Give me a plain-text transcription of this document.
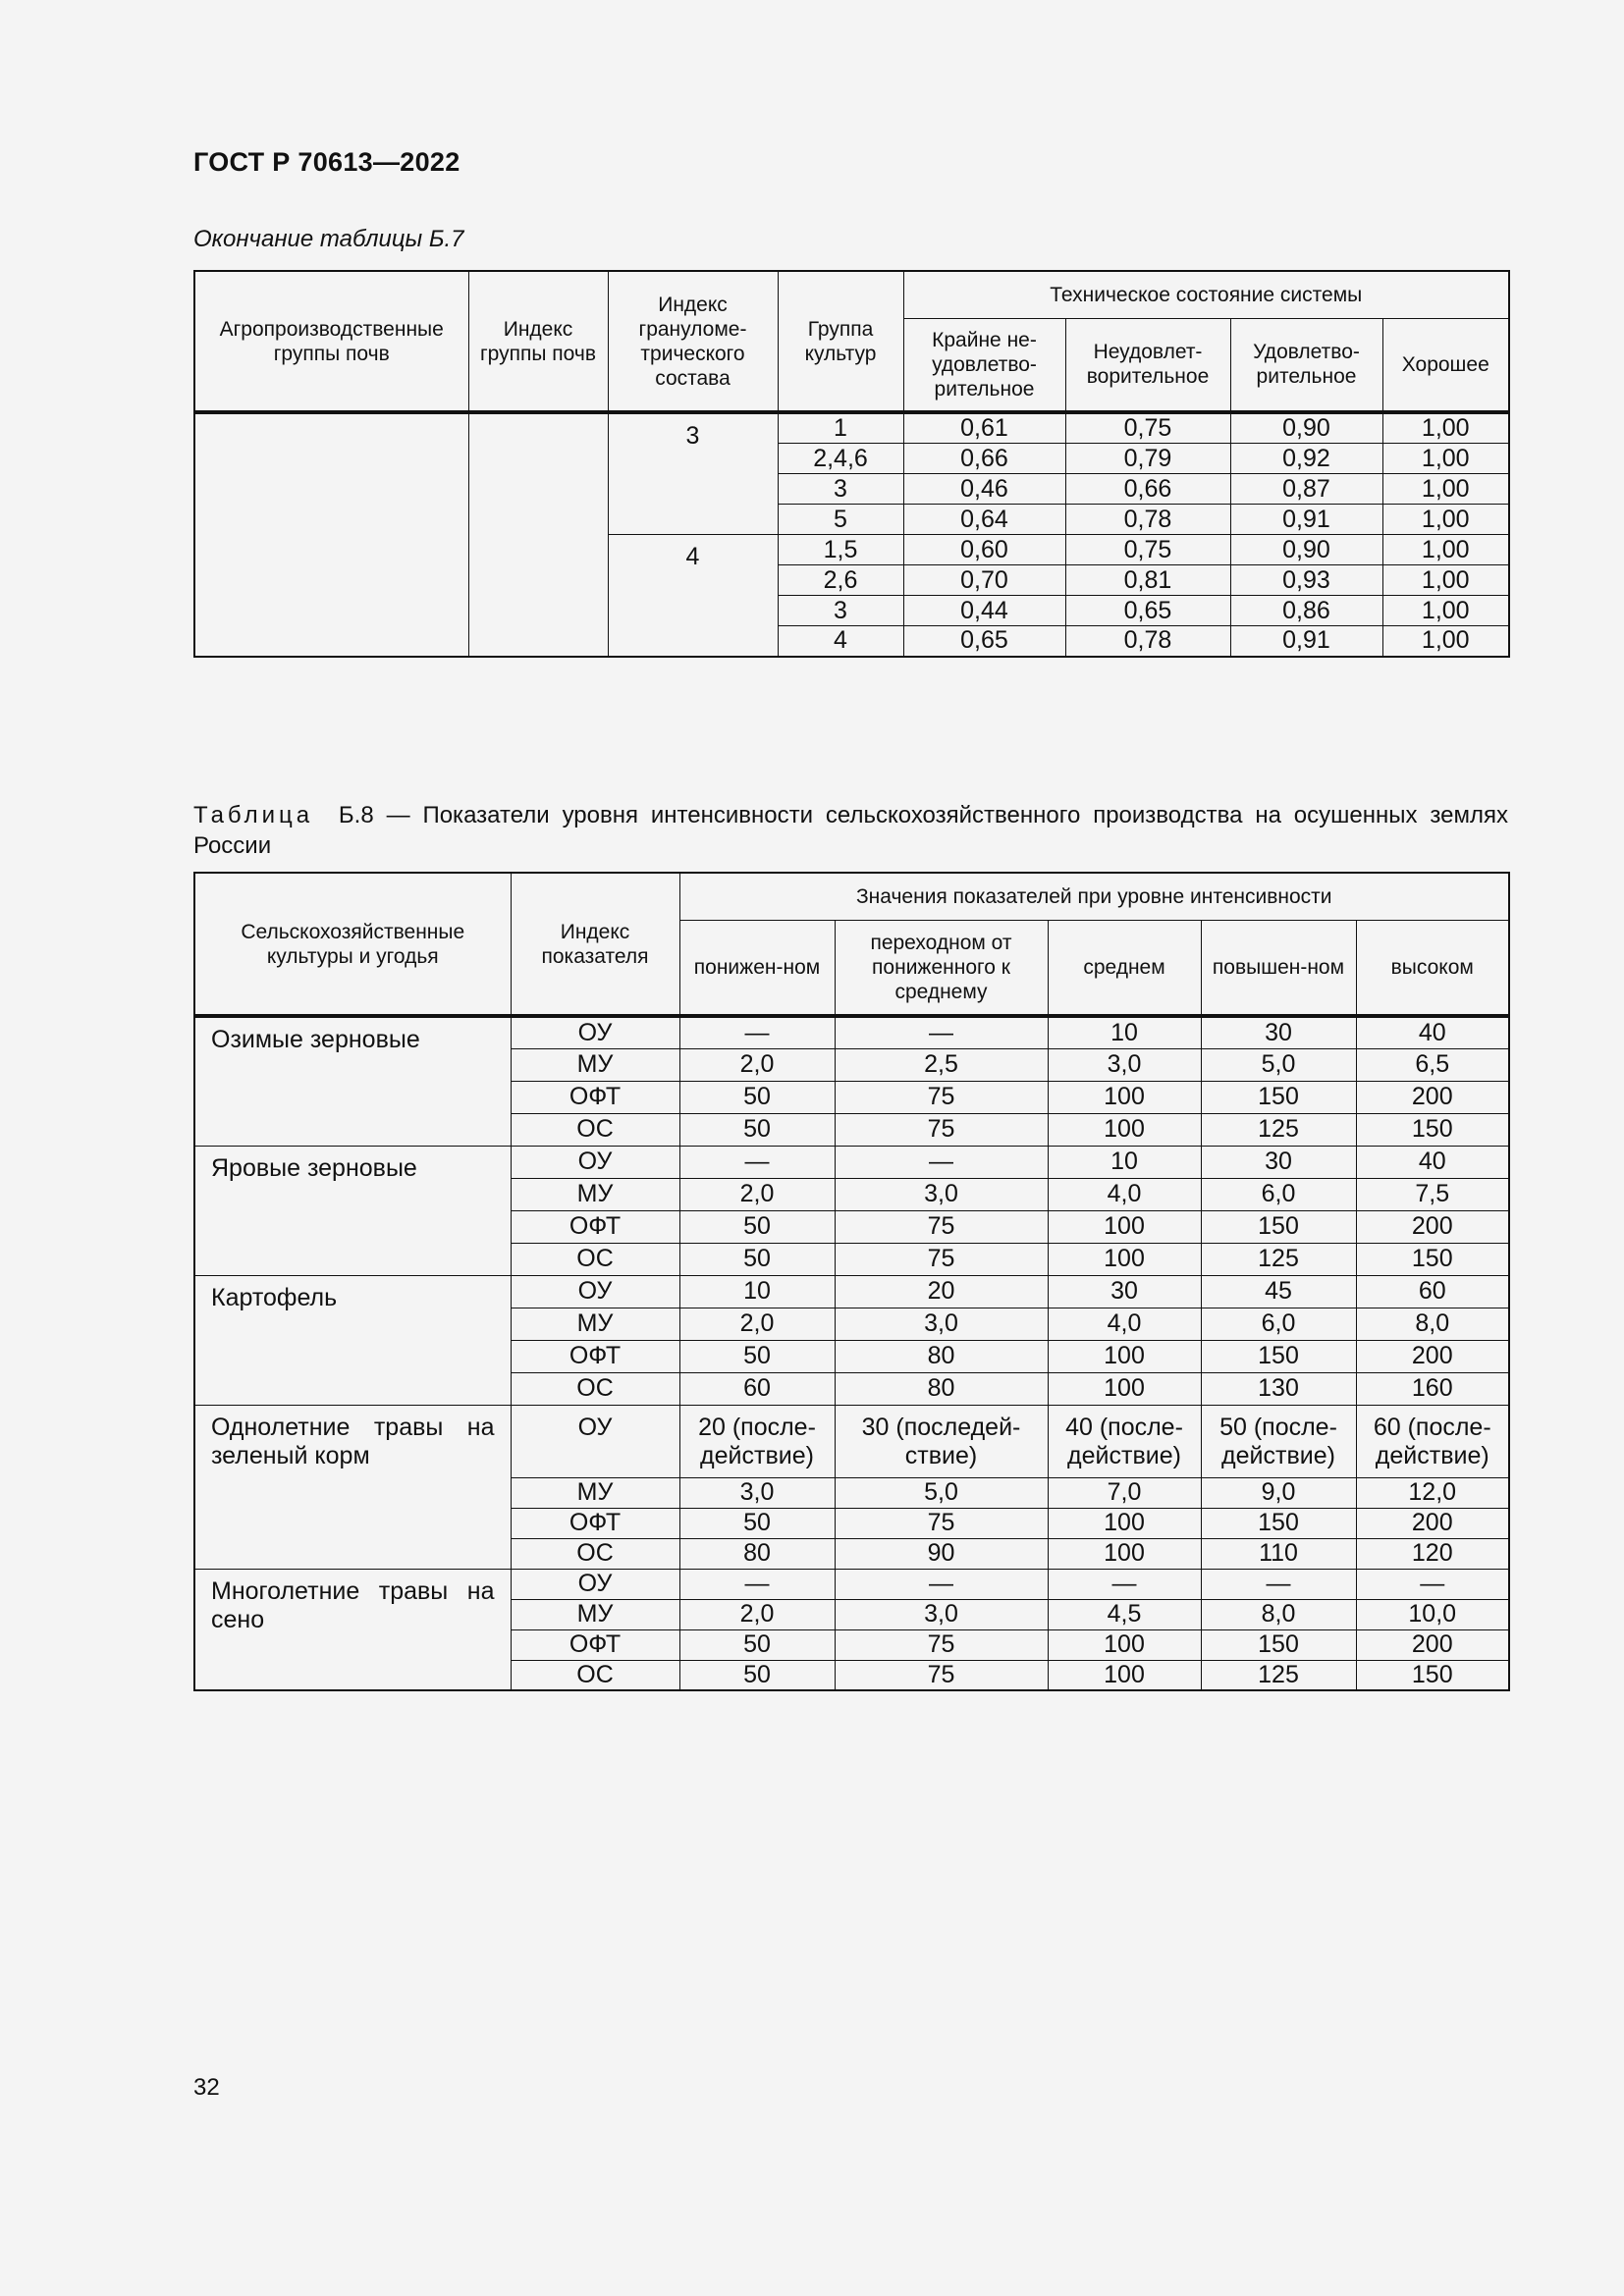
ГОСТ Р 70613—2022
Окончание таблицы Б.7
Агропроизводственные группы почв	Индекс группы почв	Индекс грануломе-трического состава	Группа культур	Техническое состояние системы			
				Крайне не-удовлетво-рительное	Неудовлет-ворительное	Удовлетво-рительное	Хорошее
		3	1	0,61	0,75	0,90	1,00
			2,4,6	0,66	0,79	0,92	1,00
			3	0,46	0,66	0,87	1,00
			5	0,64	0,78	0,91	1,00
		4	1,5	0,60	0,75	0,90	1,00
			2,6	0,70	0,81	0,93	1,00
			3	0,44	0,65	0,86	1,00
			4	0,65	0,78	0,91	1,00
Таблица Б.8 — Показатели уровня интенсивности сельскохозяйственного производства на осушенных землях России
Сельскохозяйственные культуры и угодья	Индекс показателя	Значения показателей при уровне интенсивности				
		понижен-ном	переходном от пониженного к среднему	среднем	повышен-ном	высоком
Озимые зерновые	ОУ	—	—	10	30	40
	МУ	2,0	2,5	3,0	5,0	6,5
	ОФТ	50	75	100	150	200
	ОС	50	75	100	125	150
Яровые зерновые	ОУ	—	—	10	30	40
	МУ	2,0	3,0	4,0	6,0	7,5
	ОФТ	50	75	100	150	200
	ОС	50	75	100	125	150
Картофель	ОУ	10	20	30	45	60
	МУ	2,0	3,0	4,0	6,0	8,0
	ОФТ	50	80	100	150	200
	ОС	60	80	100	130	160
Однолетние травы на зеленый корм	ОУ	20 (после-действие)	30 (последей-ствие)	40 (после-действие)	50 (после-действие)	60 (после-действие)
	МУ	3,0	5,0	7,0	9,0	12,0
	ОФТ	50	75	100	150	200
	ОС	80	90	100	110	120
Многолетние травы на сено	ОУ	—	—	—	—	—
	МУ	2,0	3,0	4,5	8,0	10,0
	ОФТ	50	75	100	150	200
	ОС	50	75	100	125	150
32
